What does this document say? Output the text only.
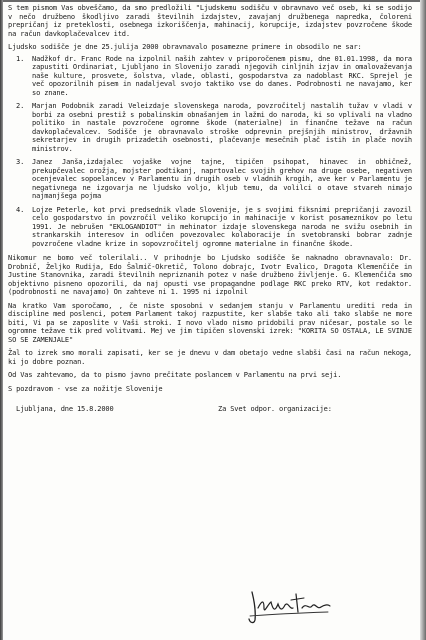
S tem pismom Vas obveščamo, da smo predložili "Ljudskemu sodišču v obravnavo več oseb, ki se sodijo v nečo družbeno škodljivo zaradi številnih izdajstev, zavajanj družbenega napredka, čoloreni prepričanj iz preteklosti, osebnega izkoriščenja, mahinacij, korupcije, izdajstev povzročene škode na račun davkoplačevalcev itd.

Ljudsko sodišče je dne 25.julija 2000 obravnavalo posamezne primere in obsodilo ne sar:

1.	Nadžkof dr. Franc Rode na izpolnil naših zahtev v priporočenem pismu, dne 01.01.1998, da mora zapustiti Ordinariat, Ljubljano in Slovenijo zaradi njegovih cinljnih izjav in omalovaževanja naše kulture, prosvete, šolstva, vlade, oblasti, gospodarstva za nadoblast RKC. Sprejel je več opozorilnih pisem in nadaljeval svojo taktiko vse do danes. Podrobnosti ne navajamo, ker so znane.
2.	Marjan Podobnik zaradi Veleizdaje slovenskega naroda, povzročitelj nastalih tužav v vladi v borbi za osebni prestiž s pobalinskim obnašanjem in lažmi do naroda, ki so vplivali na vladno politiko in nastale povzročene ogromne škode (materialne) in finančne težave na račun davkoplačevalcev. Sodišče je obravnavalo stroške odprevnin prejšnjih ministrov, državnih sekretarjev in drugih prizadetih osebnosti, plačevanje mesečnih plač istih in plače novih ministrov.
3.	Janez Janša,izdajalec vojaške vojne tajne, tipičen psihopat, hinavec in obhičnež, prekupčevalec orožja, mojster podtikanj, naprtovalec svojih grehov na druge osebe, negativen ocenjevalec sopoelancev v Parlamentu in drugih oseb v vladnih krogih, ave ker v Parlamentu je negativnega ne izgovarja ne ljudsko voljo, kljub temu, da volilci o otave stvareh nimajo najmanjšega pojma
4.	Lojze Peterle, kot prvi predsednik vlade Slovenije, je s svojimi fiksnimi prepričanji zavozil celo gospodarstvo in povzročil veliko korupcijo in mahinacije v korist posameznikov po letu 1991. Je nebrušen "EKLOGANDIOT" in mehinator izdaje slovenskega naroda ne svižu osebnih in strankarskih interesov in odličen povezovalec kolaboracije in svetobranski bobrar zadnje povzročene vladne krize in sopovzročitelj ogromne materialne in finančne škode.

Nikomur ne bomo več tolerilali.. V prihodnje bo Ljudsko sodišče še naknadno obravnavalo: Dr. Drobnič, Željko Rudija, Edo Šalmič-Okretič, Tolono dobrajc, Ivotr Evalico, Dragota Klemenčiče in Justine Stanovnika, zaradi številnih nepriznanih potez v naše družbeno življenje. G. Klemenčiča smo objektivno pisneno opozorili, da naj opusti vse propagandne podlage RKC preko RTV, kot redaktor. (podrobnosti ne navajamo) On zahteve ni 1. 1995 ni izpolnil

Na kratko Vam sporočamo, , če niste sposobni v sedanjem stanju v Parlamentu urediti reda in discipline med poslenci, potem Parlament takoj razpustite, ker slabše tako ali tako slabše ne more biti, Vi pa se zaposlite v Vaši stroki. I novo vlado nismo pridobili prav ničesar, postale so le ogromne težave tik pred volitvami. Mej ve jim tipičen slovenski izrek: "KORITA SO OSTALA, LE SVINJE SO SE ZAMENJALE"

Žal to izrek smo morali zapisati, ker se je dnevu v dam obetajo vedne slabši časi na račun nekoga, ki jo dobre poznan.

Od Vas zahtevamo, da to pismo javno prečitate poslancem v Parlamentu na prvi seji.

S pozdravom - vse za nožitje Slovenije

Ljubljana, dne 15.8.2000	Za Svet odpor. organizacije:
